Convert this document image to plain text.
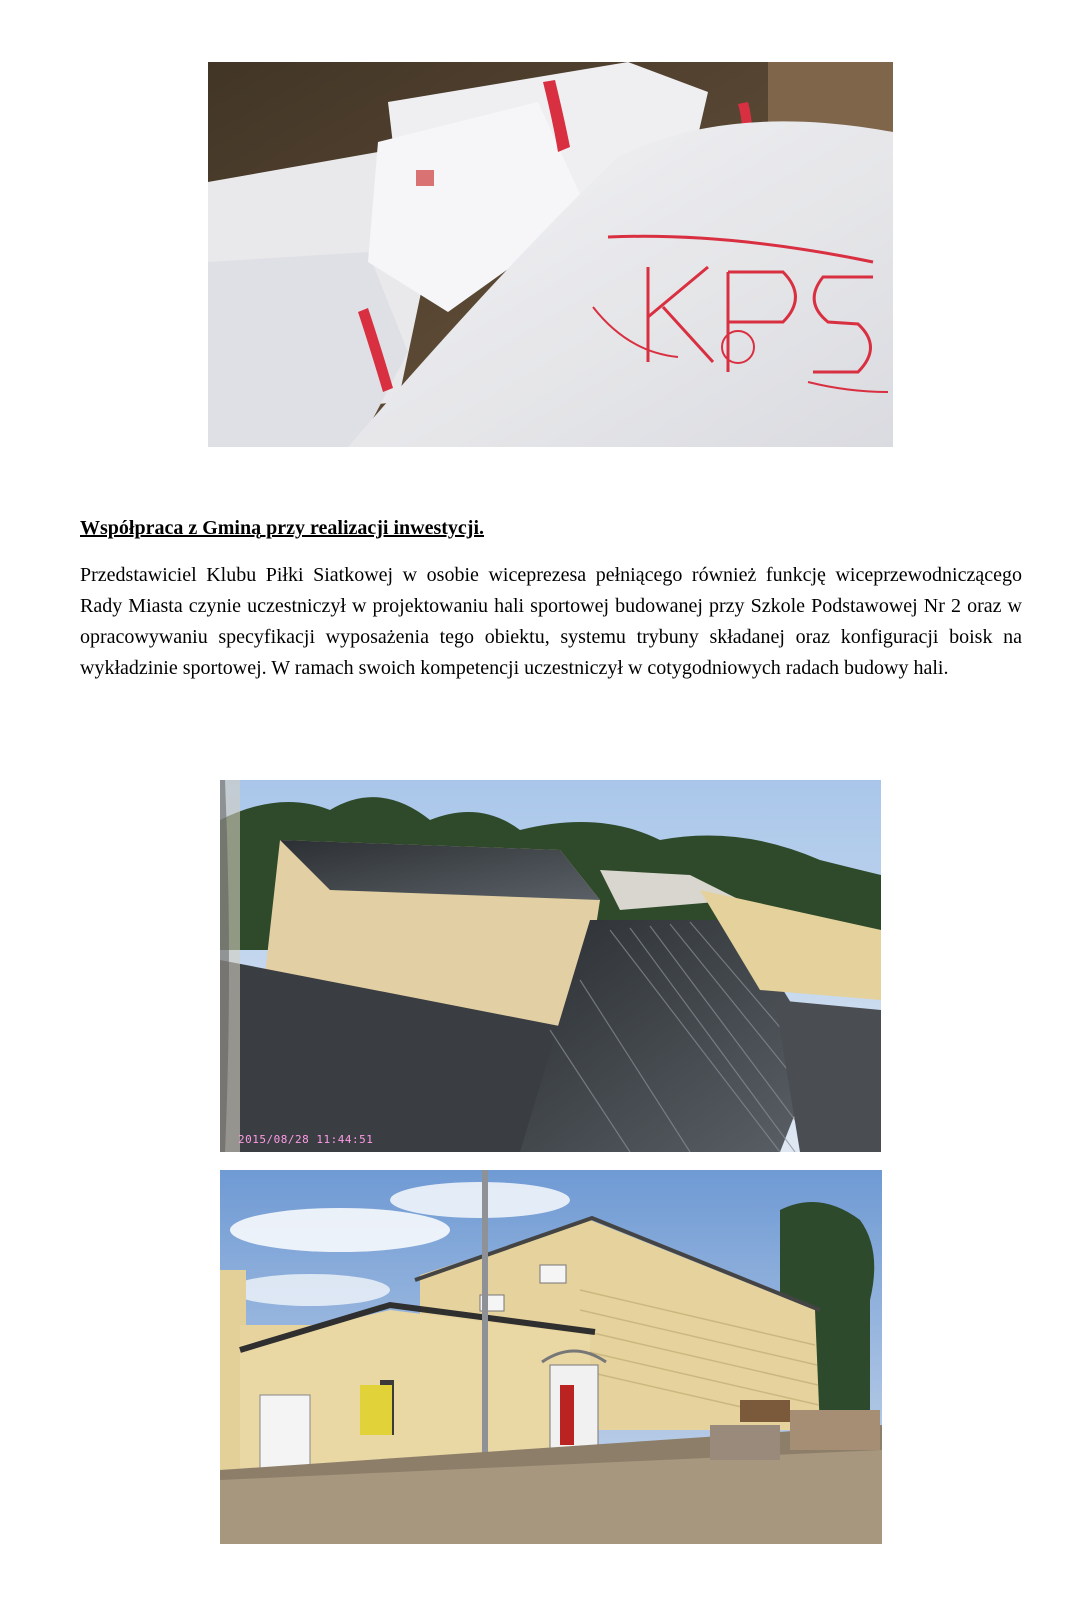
Współpraca z Gminą przy realizacji inwestycji.
Przedstawiciel Klubu Piłki Siatkowej w osobie wiceprezesa pełniącego również funkcję wiceprzewodniczącego Rady Miasta czynie uczestniczył w projektowaniu hali sportowej budowanej przy Szkole Podstawowej Nr 2 oraz w opracowywaniu specyfikacji wyposażenia tego obiektu, systemu trybuny składanej oraz konfiguracji boisk na wykładzinie sportowej. W ramach swoich kompetencji uczestniczył w cotygodniowych radach budowy hali.
2015/08/28 11:44:51
